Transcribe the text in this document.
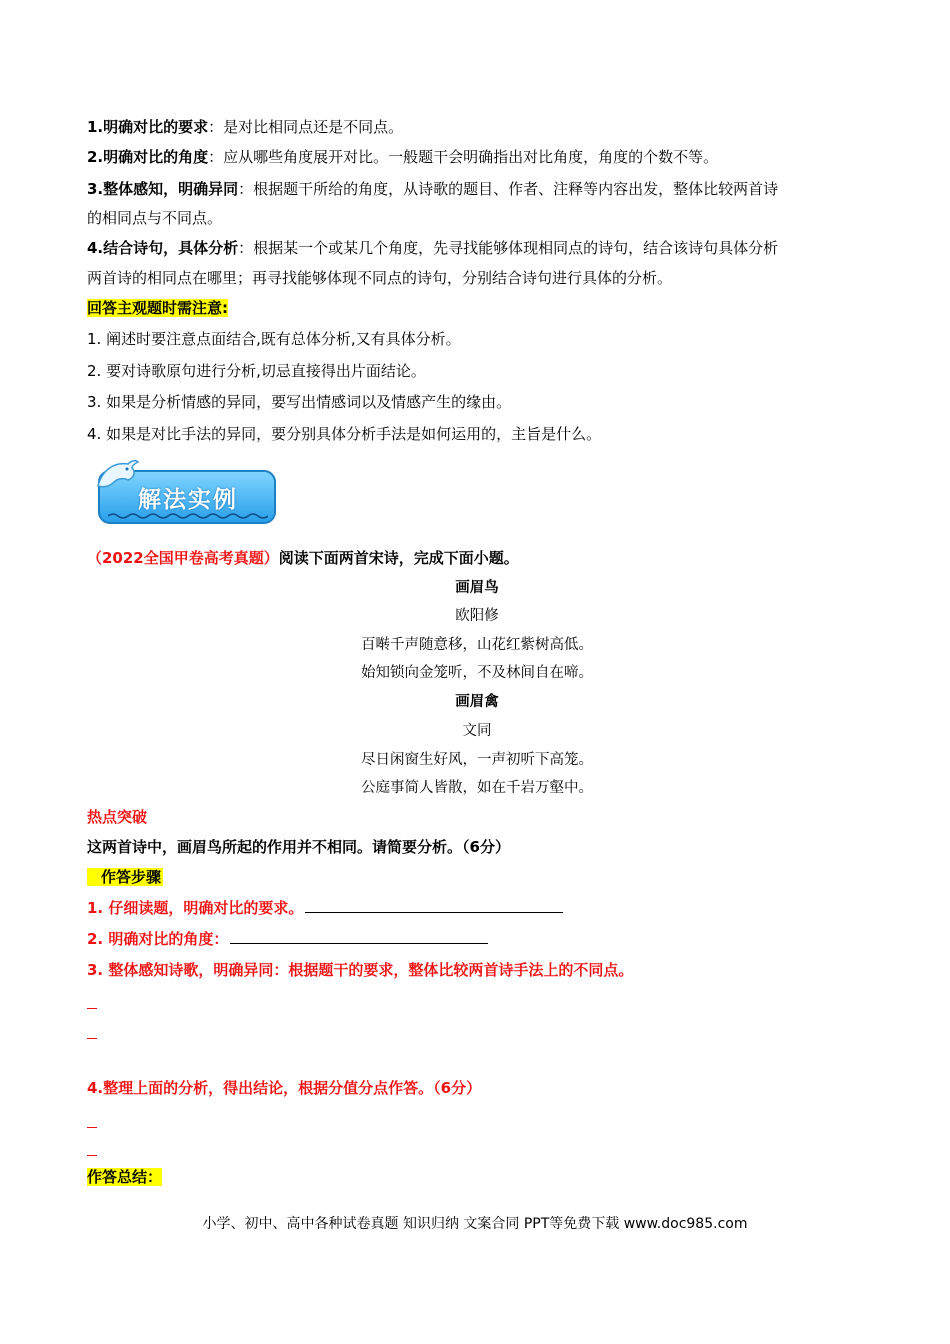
1.明确对比的要求：是对比相同点还是不同点。
2.明确对比的角度：应从哪些角度展开对比。一般题干会明确指出对比角度，角度的个数不等。
3.整体感知，明确异同：根据题干所给的角度，从诗歌的题目、作者、注释等内容出发，整体比较两首诗
的相同点与不同点。
4.结合诗句，具体分析：根据某一个或某几个角度，先寻找能够体现相同点的诗句，结合该诗句具体分析
两首诗的相同点在哪里；再寻找能够体现不同点的诗句，分别结合诗句进行具体的分析。
回答主观题时需注意:
1. 阐述时要注意点面结合,既有总体分析,又有具体分析。
2. 要对诗歌原句进行分析,切忌直接得出片面结论。
3. 如果是分析情感的异同，要写出情感词以及情感产生的缘由。
4. 如果是对比手法的异同，要分别具体分析手法是如何运用的，主旨是什么。
解法实例
（2022全国甲卷高考真题）阅读下面两首宋诗，完成下面小题。
画眉鸟
欧阳修
百啭千声随意移，山花红紫树高低。
始知锁向金笼听，不及林间自在啼。
画眉禽
文同
尽日闲窗生好风，一声初听下高笼。
公庭事简人皆散，如在千岩万壑中。
热点突破
这两首诗中，画眉鸟所起的作用并不相同。请简要分析。（6分）
作答步骤
1. 仔细读题，明确对比的要求。
2. 明确对比的角度：
3. 整体感知诗歌，明确异同：根据题干的要求，整体比较两首诗手法上的不同点。
4.整理上面的分析，得出结论，根据分值分点作答。（6分）
作答总结：
小学、初中、高中各种试卷真题 知识归纳 文案合同 PPT等免费下载 www.doc985.com
